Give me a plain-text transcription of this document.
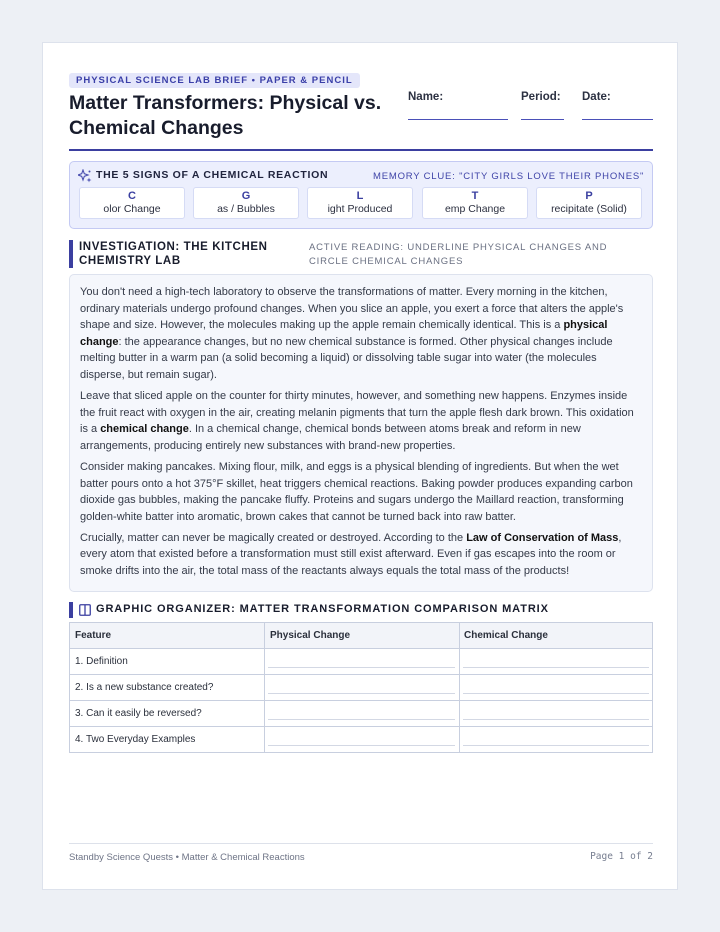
PHYSICAL SCIENCE LAB BRIEF • PAPER & PENCIL
Matter Transformers: Physical vs. Chemical Changes
Name:	Period: Date:
THE 5 SIGNS OF A CHEMICAL REACTION	MEMORY CLUE: "CITY GIRLS LOVE THEIR PHONES"
C
olor Change
G
as / Bubbles
L
ight Produced
T
emp Change
P
recipitate (Solid)
INVESTIGATION: THE KITCHEN CHEMISTRY LAB
ACTIVE READING: UNDERLINE PHYSICAL CHANGES AND CIRCLE CHEMICAL CHANGES

You don't need a high-tech laboratory to observe the transformations of matter. Every morning in the kitchen, ordinary materials undergo profound changes. When you slice an apple, you exert a force that alters the apple's shape and size. However, the molecules making up the apple remain chemically identical. This is a physical change: the appearance changes, but no new chemical substance is formed. Other physical changes include melting butter in a warm pan (a solid becoming a liquid) or dissolving table sugar into water (the molecules disperse, but remain sugar).

Leave that sliced apple on the counter for thirty minutes, however, and something new happens. Enzymes inside the fruit react with oxygen in the air, creating melanin pigments that turn the apple flesh dark brown. This oxidation is a chemical change. In a chemical change, chemical bonds between atoms break and reform in new arrangements, producing entirely new substances with brand-new properties.

Consider making pancakes. Mixing flour, milk, and eggs is a physical blending of ingredients. But when the wet batter pours onto a hot 375°F skillet, heat triggers chemical reactions. Baking powder produces expanding carbon dioxide gas bubbles, making the pancake fluffy. Proteins and sugars undergo the Maillard reaction, transforming golden-white batter into aromatic, brown cakes that cannot be turned back into raw batter.

Crucially, matter can never be magically created or destroyed. According to the Law of Conservation of Mass, every atom that existed before a transformation must still exist afterward. Even if gas escapes into the room or smoke drifts into the air, the total mass of the reactants always equals the total mass of the products!

GRAPHIC ORGANIZER: MATTER TRANSFORMATION COMPARISON MATRIX
Feature	Physical Change	Chemical Change
1. Definition
2. Is a new substance created?
3. Can it easily be reversed?
4. Two Everyday Examples
Standby Science Quests • Matter & Chemical Reactions	Page 1 of 2
